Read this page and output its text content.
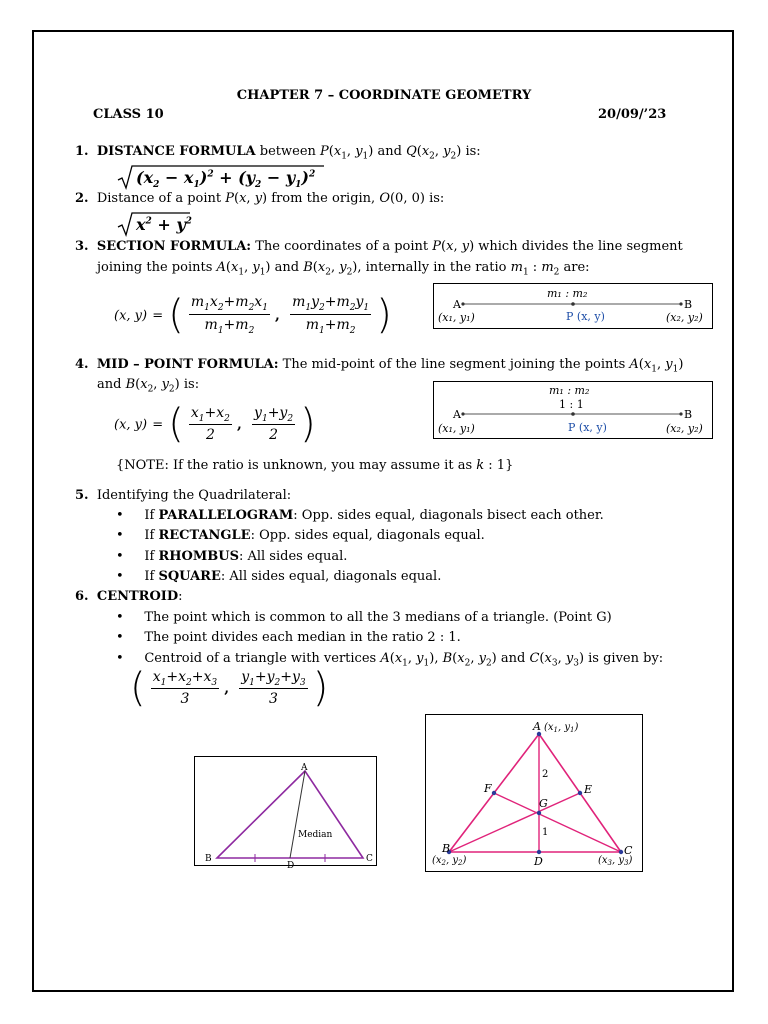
CHAPTER 7 – COORDINATE GEOMETRY
CLASS 10	20/09/’23
1. DISTANCE FORMULA between $P(x_1$, $y_1$) and $Q(x_2$, $y_2$) is:
$(x_2 - x_1)^2 + (y_2 - y_1)^2$
2. Distance of a point P(x, y) from the origin, O(0, 0) is:
$x^2 + y^2$
3. SECTION FORMULA: The coordinates of a point P(x, y) which divides the line segment
joining the points $A(x_1$, $y_1$) and $B(x_2$, $y_2$), internally in the ratio $m_1$ : $m_2$ are:
(x, y) = ( $\frac{m_1x_2+m_2x_1}{m_1+m_2}$ , $\frac{m_1y_2+m_2y_1}{m_1+m_2}$ )	m₁ : m₂
A	B
(x₁, y₁)	P (x, y)	(x₂, y₂)
4. MID – POINT FORMULA: The mid-point of the line segment joining the points $A(x_1$, $y_1$)
and $B(x_2$, $y_2$) is:
(x, y) = ( $\frac{x_1+x_2}{2}$ , $\frac{y_1+y_2}{2}$ )
m₁ : m₂
1 : 1
A	B
(x₁, y₁)	P (x, y)	(x₂, y₂)
{NOTE: If the ratio is unknown, you may assume it as k : 1}
5. Identifying the Quadrilateral:
•     If PARALLELOGRAM: Opp. sides equal, diagonals bisect each other.
•     If RECTANGLE: Opp. sides equal, diagonals equal.
•     If RHOMBUS: All sides equal.
•     If SQUARE: All sides equal, diagonals equal.
6. CENTROID:
•     The point which is common to all the 3 medians of a triangle. (Point G)
•     The point divides each median in the ratio 2 : 1.
•     Centroid of a triangle with vertices $A(x_1$, $y_1$), $B(x_2$, $y_2$) and $C(x_3$, $y_3$) is given by:
( $\frac{x_1+x_2+x_3}{3}$ , $\frac{y_1+y_2+y_3}{3}$ )
A
B	C
D
Median
A ($x_1$, $y_1$)
B
($x_2$, $y_2$)
C
($x_3$, $y_3$)
D
E
F
G
2
1
